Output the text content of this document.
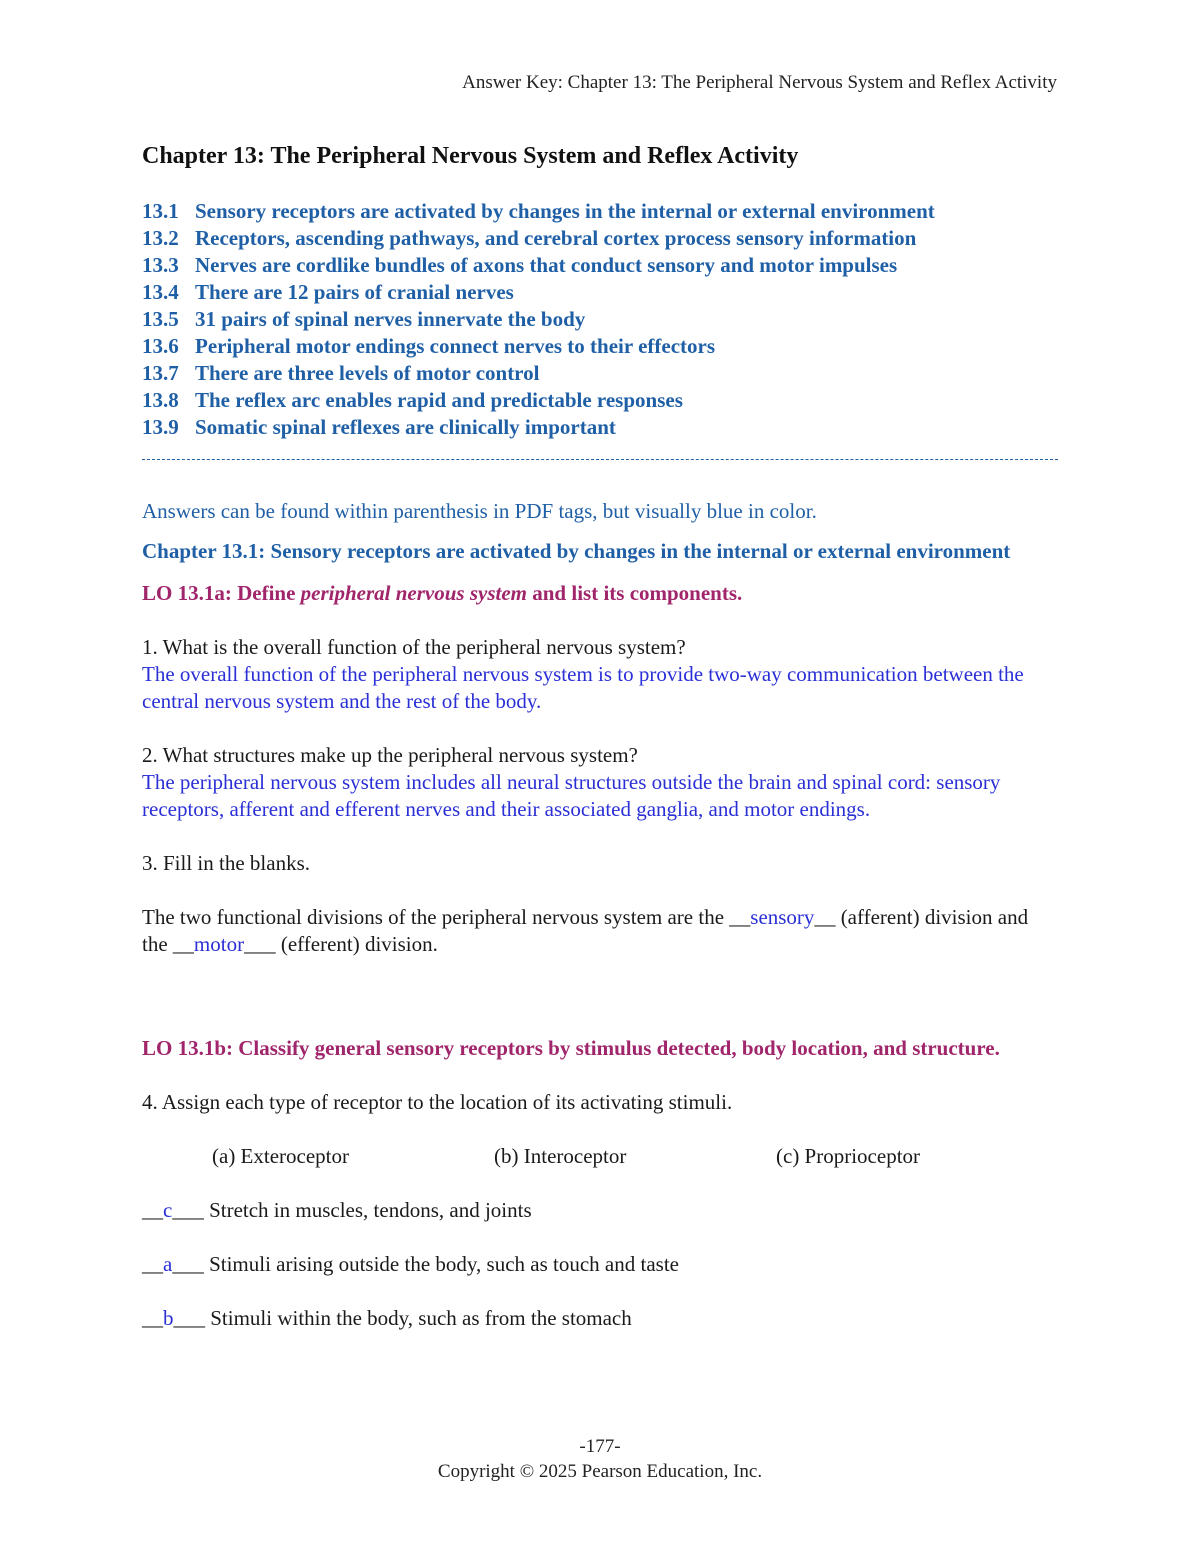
Answer Key: Chapter 13: The Peripheral Nervous System and Reflex Activity
Chapter 13: The Peripheral Nervous System and Reflex Activity
13.1 Sensory receptors are activated by changes in the internal or external environment
13.2 Receptors, ascending pathways, and cerebral cortex process sensory information
13.3 Nerves are cordlike bundles of axons that conduct sensory and motor impulses
13.4 There are 12 pairs of cranial nerves
13.5 31 pairs of spinal nerves innervate the body
13.6 Peripheral motor endings connect nerves to their effectors
13.7 There are three levels of motor control
13.8 The reflex arc enables rapid and predictable responses
13.9 Somatic spinal reflexes are clinically important
Answers can be found within parenthesis in PDF tags, but visually blue in color.
Chapter 13.1: Sensory receptors are activated by changes in the internal or external environment
LO 13.1a: Define peripheral nervous system and list its components.
1. What is the overall function of the peripheral nervous system?
The overall function of the peripheral nervous system is to provide two-way communication between the central nervous system and the rest of the body.
2. What structures make up the peripheral nervous system?
The peripheral nervous system includes all neural structures outside the brain and spinal cord: sensory receptors, afferent and efferent nerves and their associated ganglia, and motor endings.
3. Fill in the blanks.
The two functional divisions of the peripheral nervous system are the __sensory__ (afferent) division and the __motor___ (efferent) division.
LO 13.1b: Classify general sensory receptors by stimulus detected, body location, and structure.
4. Assign each type of receptor to the location of its activating stimuli.
(a) Exteroceptor	(b) Interoceptor	(c) Proprioceptor
__c___ Stretch in muscles, tendons, and joints
__a___ Stimuli arising outside the body, such as touch and taste
__b___ Stimuli within the body, such as from the stomach
-177-
Copyright © 2025 Pearson Education, Inc.
